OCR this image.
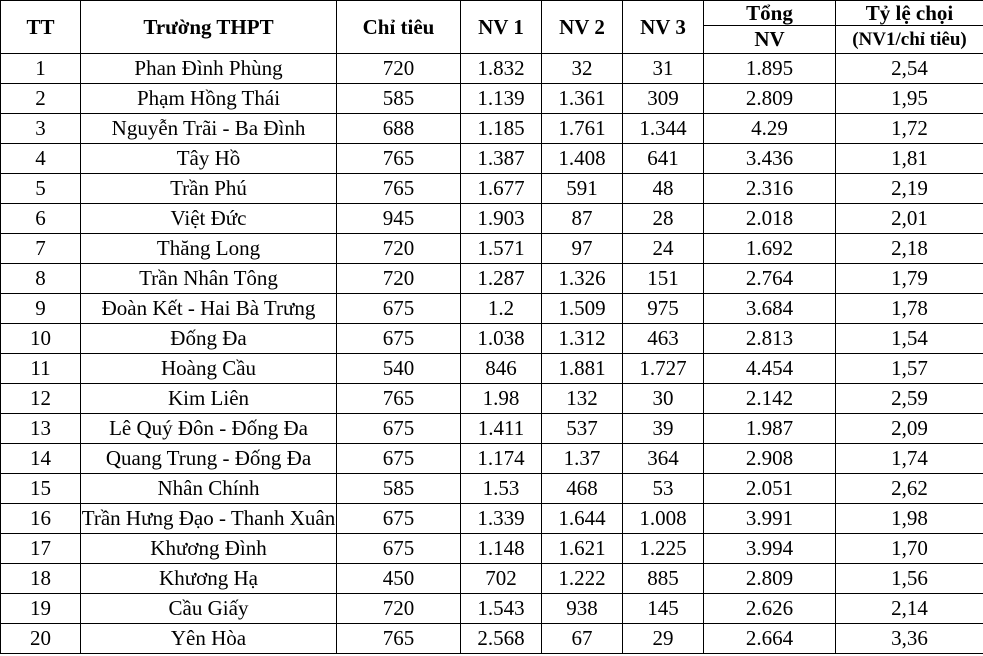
TT	Trường THPT	Chỉ tiêu	NV 1	NV 2	NV 3	Tổng	Tỷ lệ chọi
						NV	(NV1/chỉ tiêu)
1	Phan Đình Phùng	720	1.832	32	31	1.895	2,54
2	Phạm Hồng Thái	585	1.139	1.361	309	2.809	1,95
3	Nguyễn Trãi - Ba Đình	688	1.185	1.761	1.344	4.29	1,72
4	Tây Hồ	765	1.387	1.408	641	3.436	1,81
5	Trần Phú	765	1.677	591	48	2.316	2,19
6	Việt Đức	945	1.903	87	28	2.018	2,01
7	Thăng Long	720	1.571	97	24	1.692	2,18
8	Trần Nhân Tông	720	1.287	1.326	151	2.764	1,79
9	Đoàn Kết - Hai Bà Trưng	675	1.2	1.509	975	3.684	1,78
10	Đống Đa	675	1.038	1.312	463	2.813	1,54
11	Hoàng Cầu	540	846	1.881	1.727	4.454	1,57
12	Kim Liên	765	1.98	132	30	2.142	2,59
13	Lê Quý Đôn - Đống Đa	675	1.411	537	39	1.987	2,09
14	Quang Trung - Đống Đa	675	1.174	1.37	364	2.908	1,74
15	Nhân Chính	585	1.53	468	53	2.051	2,62
16	Trần Hưng Đạo - Thanh Xuân	675	1.339	1.644	1.008	3.991	1,98
17	Khương Đình	675	1.148	1.621	1.225	3.994	1,70
18	Khương Hạ	450	702	1.222	885	2.809	1,56
19	Cầu Giấy	720	1.543	938	145	2.626	2,14
20	Yên Hòa	765	2.568	67	29	2.664	3,36
